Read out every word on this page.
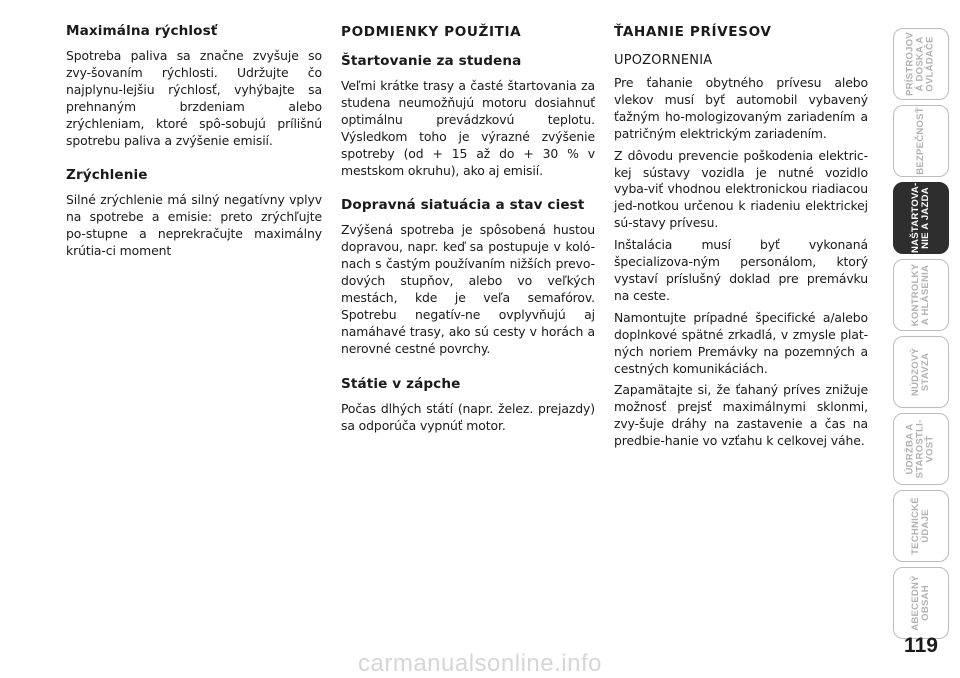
Maximálna rýchlosť

Spotreba paliva sa značne zvyšuje so zvy-šovaním rýchlosti. Udržujte čo najplynu-lejšiu rýchlosť, vyhýbajte sa prehnaným brzdeniam alebo zrýchleniam, ktoré spô-sobujú prílišnú spotrebu paliva a zvýšenie emisií.

Zrýchlenie

Silné zrýchlenie má silný negatívny vplyv na spotrebe a emisie: preto zrýchľujte po-stupne a neprekračujte maximálny krútia-ci moment

PODMIENKY POUŽITIA
Štartovanie za studena

Veľmi krátke trasy a časté štartovania za studena neumožňujú motoru dosiahnuť optimálnu prevádzkovú teplotu. Výsledkom toho je výrazné zvýšenie spotreby (od + 15 až do + 30 % v mestskom okruhu), ako aj emisií.

Dopravná siatuácia a stav ciest

Zvýšená spotreba je spôsobená hustou dopravou, napr. keď sa postupuje v koló-nach s častým používaním nižších prevo-dových stupňov, alebo vo veľkých mestách, kde je veľa semafórov. Spotrebu negatív-ne ovplyvňujú aj namáhavé trasy, ako sú cesty v horách a nerovné cestné povrchy.

Státie v zápche

Počas dlhých státí (napr. želez. prejazdy) sa odporúča vypnúť motor.

ŤAHANIE PRÍVESOV
UPOZORNENIA

Pre ťahanie obytného prívesu alebo vlekov musí byť automobil vybavený ťažným ho-mologizovaným zariadením a patričným elektrickým zariadením.

Z dôvodu prevencie poškodenia elektric-kej sústavy vozidla je nutné vozidlo vyba-viť vhodnou elektronickou riadiacou jed-notkou určenou k riadeniu elektrickej sú-stavy prívesu.

Inštalácia musí byť vykonaná špecializova-ným personálom, ktorý vystaví príslušný doklad pre premávku na ceste.

Namontujte prípadné špecifické a/alebo doplnkové spätné zrkadlá, v zmysle plat-ných noriem Premávky na pozemných a cestných komunikáciách.

Zapamätajte si, že ťahaný príves znižuje možnosť prejsť maximálnymi sklonmi, zvy-šuje dráhy na zastavenie a čas na predbie-hanie vo vzťahu k celkovej váhe.

PRÍSTROJOV Á DOSKA A OVLÁDAČE
BEZPEČNOSŤ
NAŠTARTOVA-NIE A JAZDA
KONTROLKY A HLÁSENIA
NÚDZOVÝ STAVZA
ÚDRŽBA A STAROSTLI-VOSŤ
TECHNICKÉ ÚDAJE
ABECEDNÝ OBSAH
119
carmanualsonline.info
